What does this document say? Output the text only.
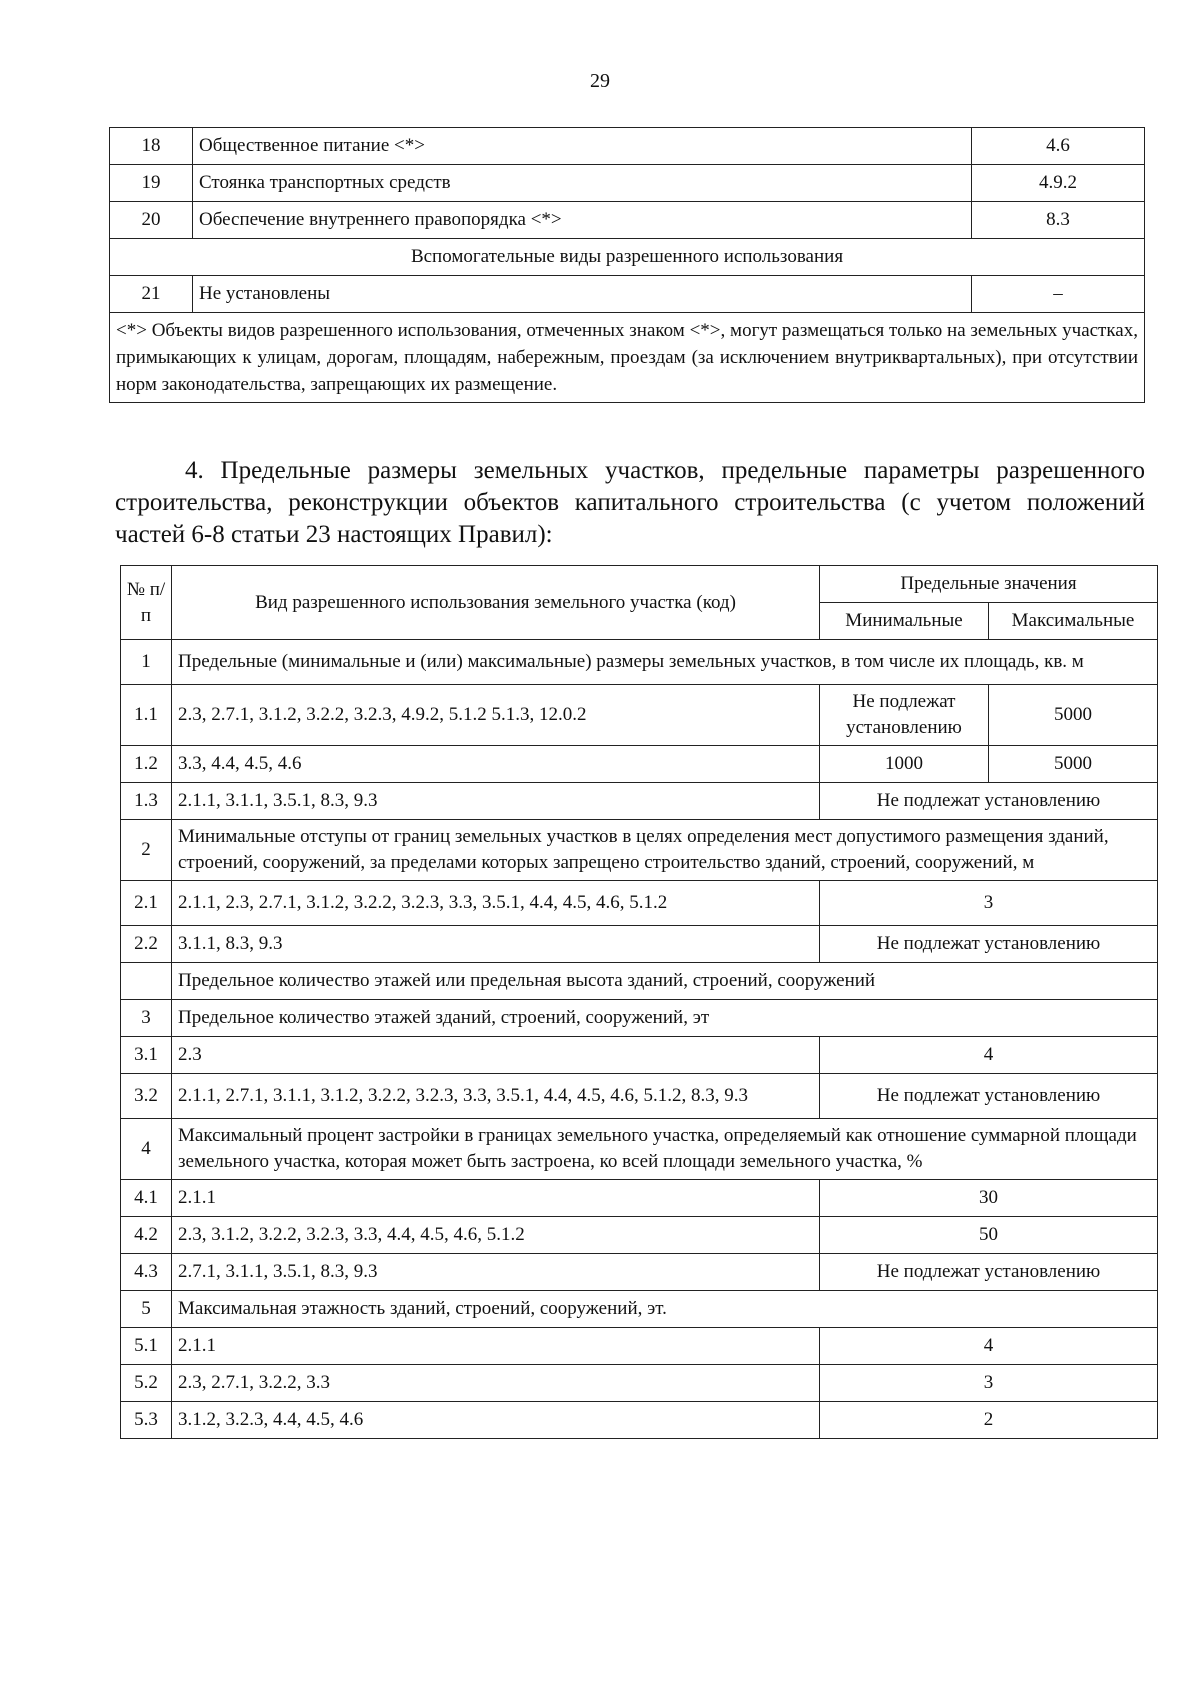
29
18	Общественное питание <*>	4.6
19	Стоянка транспортных средств	4.9.2
20	Обеспечение внутреннего правопорядка <*>	8.3
Вспомогательные виды разрешенного использования		
21	Не установлены	–
<*> Объекты видов разрешенного использования, отмеченных знаком <*>, могут размещаться только на земельных участках, примыкающих к улицам, дорогам, площадям, набережным, проездам (за исключением внутриквартальных), при отсутствии норм законодательства, запрещающих их размещение.		
4. Предельные размеры земельных участков, предельные параметры разрешенного строительства, реконструкции объектов капитального строительства (с учетом положений частей 6-8 статьи 23 настоящих Правил):
№ п/п	Вид разрешенного использования земельного участка (код)	Предельные значения	
		Минимальные	Максимальные
1	Предельные (минимальные и (или) максимальные) размеры земельных участков, в том числе их площадь, кв. м		
1.1	2.3, 2.7.1, 3.1.2, 3.2.2, 3.2.3, 4.9.2, 5.1.2 5.1.3, 12.0.2	Не подлежат установлению	5000
1.2	3.3, 4.4, 4.5, 4.6	1000	5000
1.3	2.1.1, 3.1.1, 3.5.1, 8.3, 9.3	Не подлежат установлению	
2	Минимальные отступы от границ земельных участков в целях определения мест допустимого размещения зданий, строений, сооружений, за пределами которых запрещено строительство зданий, строений, сооружений, м		
2.1	2.1.1, 2.3, 2.7.1, 3.1.2, 3.2.2, 3.2.3, 3.3, 3.5.1, 4.4, 4.5, 4.6, 5.1.2	3	
2.2	3.1.1, 8.3, 9.3	Не подлежат установлению	
	Предельное количество этажей или предельная высота зданий, строений, сооружений		
3	Предельное количество этажей зданий, строений, сооружений, эт		
3.1	2.3	4	
3.2	2.1.1, 2.7.1, 3.1.1, 3.1.2, 3.2.2, 3.2.3, 3.3, 3.5.1, 4.4, 4.5, 4.6, 5.1.2, 8.3, 9.3	Не подлежат установлению	
4	Максимальный процент застройки в границах земельного участка, определяемый как отношение суммарной площади земельного участка, которая может быть застроена, ко всей площади земельного участка, %		
4.1	2.1.1	30	
4.2	2.3, 3.1.2, 3.2.2, 3.2.3, 3.3, 4.4, 4.5, 4.6, 5.1.2	50	
4.3	2.7.1, 3.1.1, 3.5.1, 8.3, 9.3	Не подлежат установлению	
5	Максимальная этажность зданий, строений, сооружений, эт.		
5.1	2.1.1	4	
5.2	2.3, 2.7.1, 3.2.2, 3.3	3	
5.3	3.1.2, 3.2.3, 4.4, 4.5, 4.6	2	
